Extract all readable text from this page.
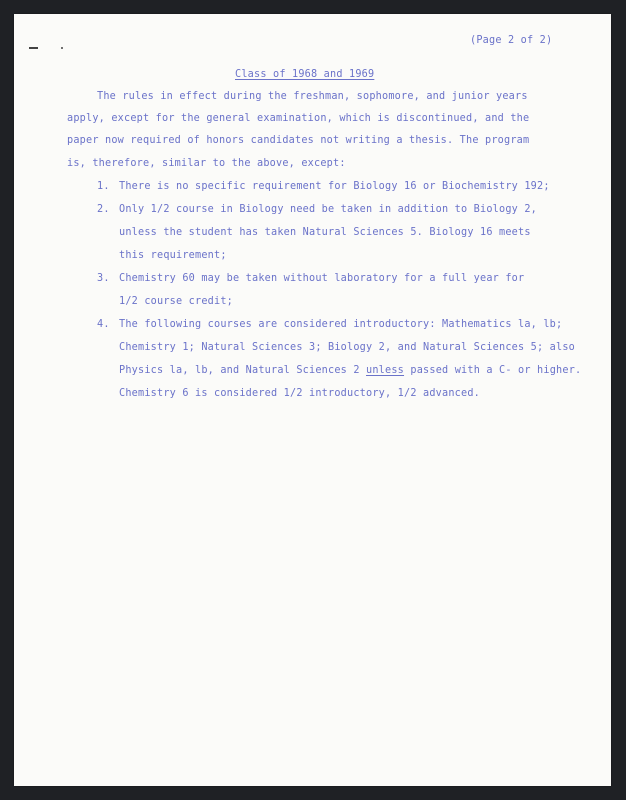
(Page 2 of 2)
Class of 1968 and 1969
The rules in effect during the freshman, sophomore, and junior years
apply, except for the general examination, which is discontinued, and the
paper now required of honors candidates not writing a thesis. The program
is, therefore, similar to the above, except:
1. There is no specific requirement for Biology 16 or Biochemistry 192;
2. Only 1/2 course in Biology need be taken in addition to Biology 2,
unless the student has taken Natural Sciences 5. Biology 16 meets
this requirement;
3. Chemistry 60 may be taken without laboratory for a full year for
1/2 course credit;
4. The following courses are considered introductory: Mathematics la, lb;
Chemistry 1; Natural Sciences 3; Biology 2, and Natural Sciences 5; also
Physics la, lb, and Natural Sciences 2 unless passed with a C- or higher.
Chemistry 6 is considered 1/2 introductory, 1/2 advanced.
